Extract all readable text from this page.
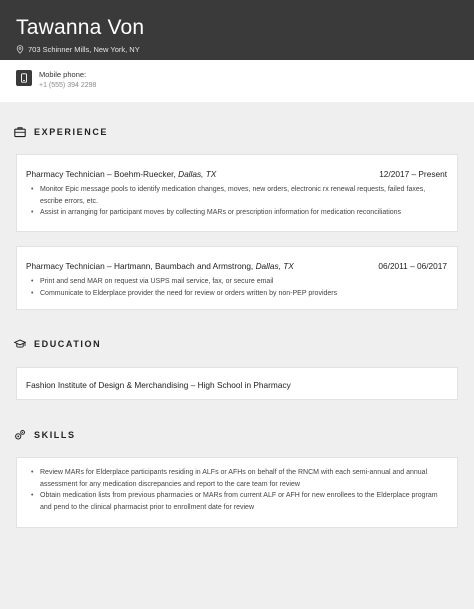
Tawanna Von
703 Schinner Mills, New York, NY
Mobile phone:
+1 (555) 394 2298
EXPERIENCE
Pharmacy Technician – Boehm-Ruecker, Dallas, TX	12/2017 – Present
• Monitor Epic message pools to identify medication changes, moves, new orders, electronic rx renewal requests, failed faxes, escribe errors, etc.
• Assist in arranging for participant moves by collecting MARs or prescription information for medication reconciliations
Pharmacy Technician – Hartmann, Baumbach and Armstrong, Dallas, TX	06/2011 – 06/2017
• Print and send MAR on request via USPS mail service, fax, or secure email
• Communicate to Elderplace provider the need for review or orders written by non-PEP providers
EDUCATION
Fashion Institute of Design & Merchandising – High School in Pharmacy
SKILLS
• Review MARs for Elderplace participants residing in ALFs or AFHs on behalf of the RNCM with each semi-annual and annual assessment for any medication discrepancies and report to the care team for review
• Obtain medication lists from previous pharmacies or MARs from current ALF or AFH for new enrollees to the Elderplace program and pend to the clinical pharmacist prior to enrollment date for review
